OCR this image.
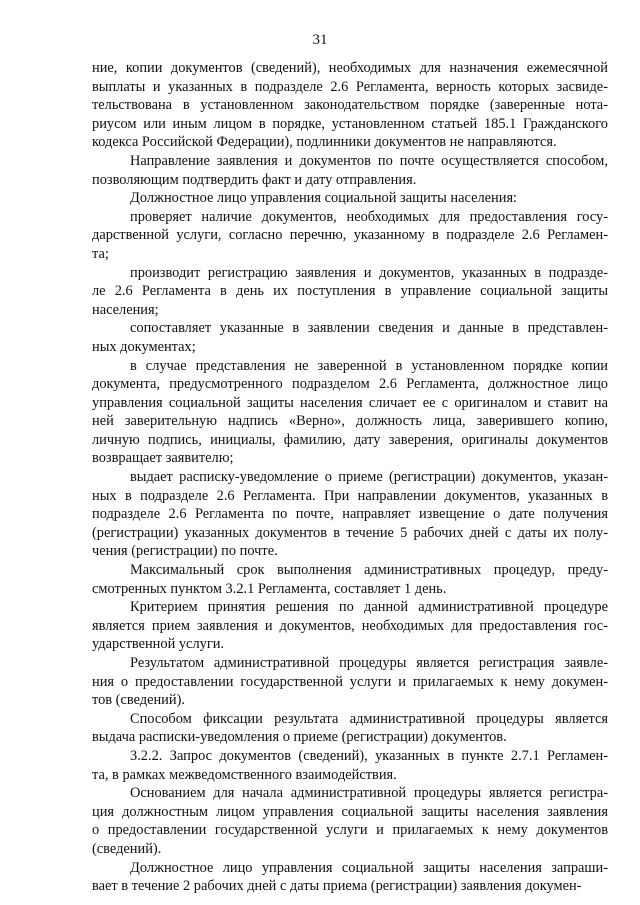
31

ние, копии документов (сведений), необходимых для назначения ежемесячной
выплаты и указанных в подразделе 2.6 Регламента, верность которых засвиде-
тельствована в установленном законодательством порядке (заверенные нота-
риусом или иным лицом в порядке, установленном статьей 185.1 Гражданского
кодекса Российской Федерации), подлинники документов не направляются.

Направление заявления и документов по почте осуществляется способом,
позволяющим подтвердить факт и дату отправления.

Должностное лицо управления социальной защиты населения:

проверяет наличие документов, необходимых для предоставления госу-
дарственной услуги, согласно перечню, указанному в подразделе 2.6 Регламен-
та;

производит регистрацию заявления и документов, указанных в подразде-
ле 2.6 Регламента в день их поступления в управление социальной защиты
населения;

сопоставляет указанные в заявлении сведения и данные в представлен-
ных документах;

в случае представления не заверенной в установленном порядке копии
документа, предусмотренного подразделом 2.6 Регламента, должностное лицо
управления социальной защиты населения сличает ее с оригиналом и ставит на
ней заверительную надпись «Верно», должность лица, заверившего копию,
личную подпись, инициалы, фамилию, дату заверения, оригиналы документов
возвращает заявителю;

выдает расписку-уведомление о приеме (регистрации) документов, указан-
ных в подразделе 2.6 Регламента. При направлении документов, указанных в
подразделе 2.6 Регламента по почте, направляет извещение о дате получения
(регистрации) указанных документов в течение 5 рабочих дней с даты их полу-
чения (регистрации) по почте.

Максимальный срок выполнения административных процедур, преду-
смотренных пунктом 3.2.1 Регламента, составляет 1 день.

Критерием принятия решения по данной административной процедуре
является прием заявления и документов, необходимых для предоставления гос-
ударственной услуги.

Результатом административной процедуры является регистрация заявле-
ния о предоставлении государственной услуги и прилагаемых к нему докумен-
тов (сведений).

Способом фиксации результата административной процедуры является
выдача расписки-уведомления о приеме (регистрации) документов.

3.2.2. Запрос документов (сведений), указанных в пункте 2.7.1 Регламен-
та, в рамках межведомственного взаимодействия.

Основанием для начала административной процедуры является регистра-
ция должностным лицом управления социальной защиты населения заявления
о предоставлении государственной услуги и прилагаемых к нему документов
(сведений).

Должностное лицо управления социальной защиты населения запраши-
вает в течение 2 рабочих дней с даты приема (регистрации) заявления докумен-
